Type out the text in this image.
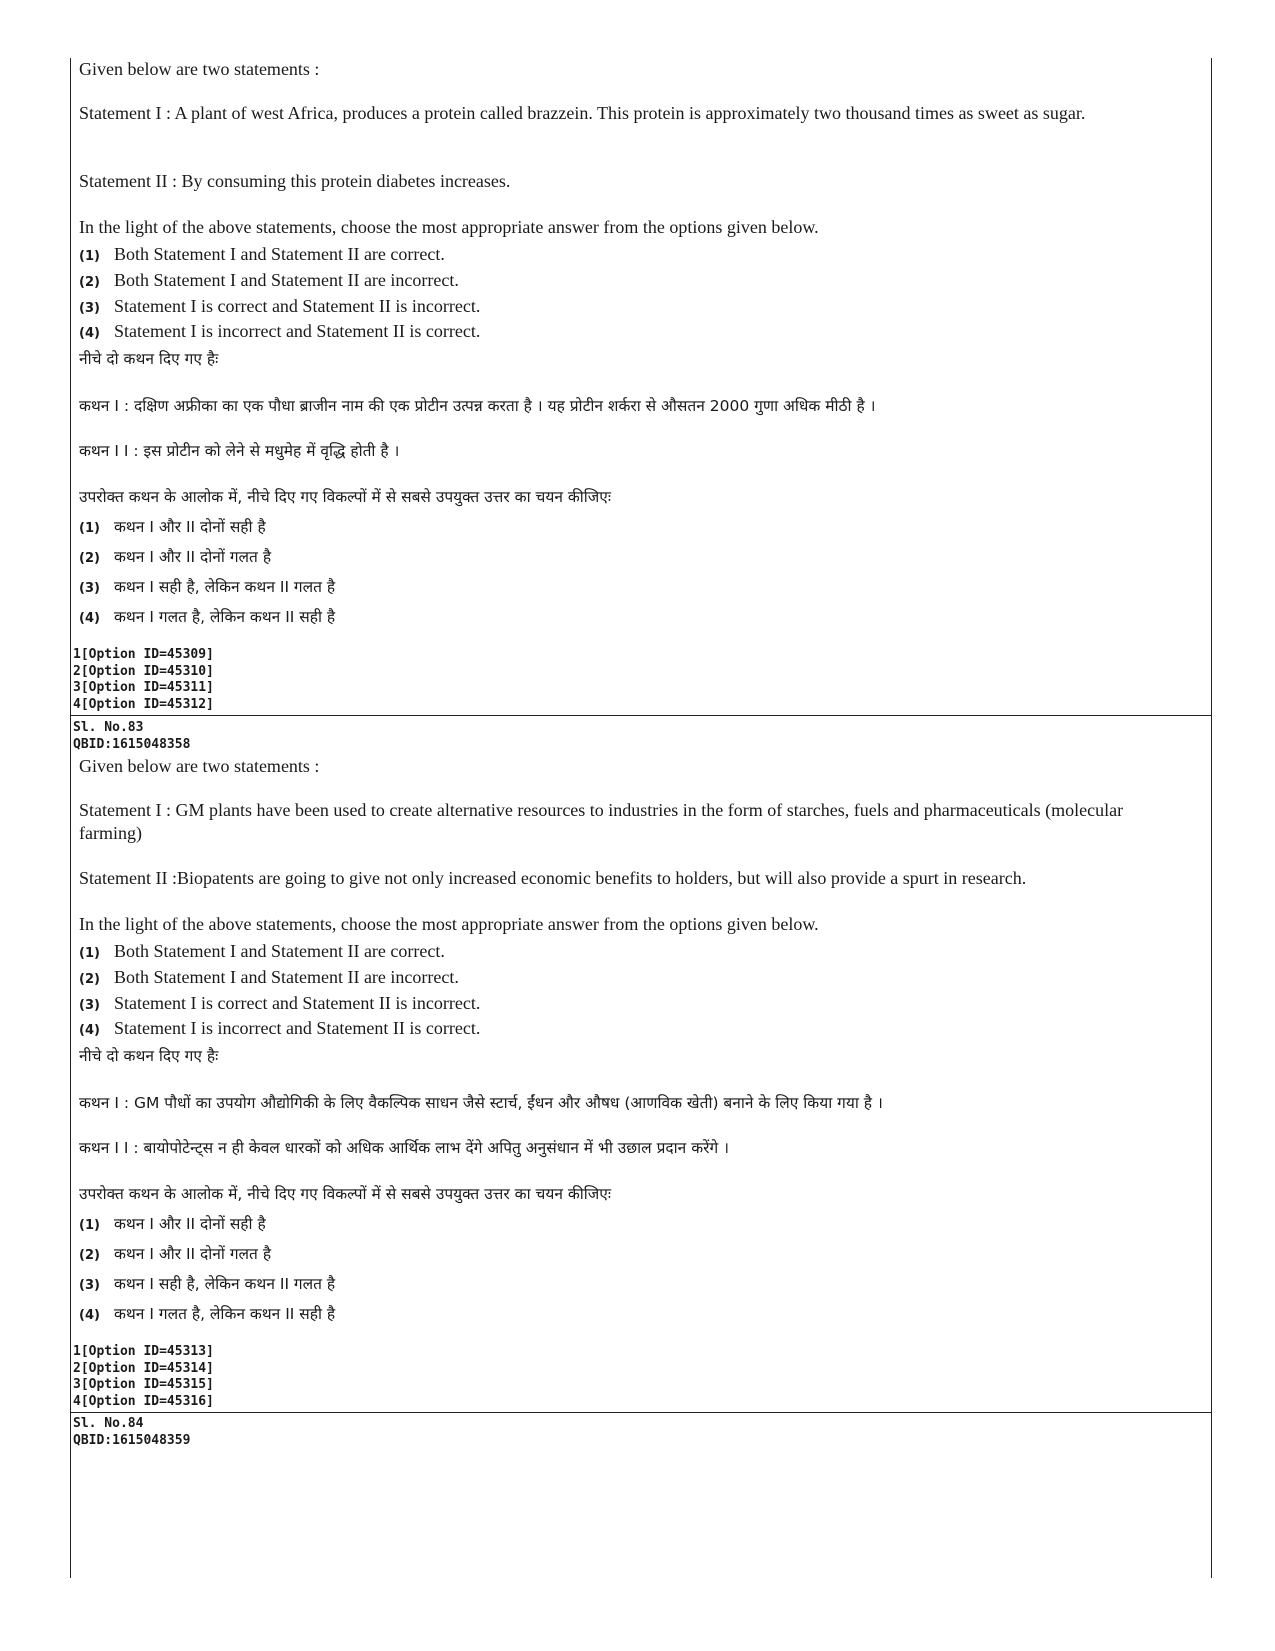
Given below are two statements :

Statement I : A plant of west Africa, produces a protein called brazzein. This protein is approximately two thousand times as sweet as sugar.

Statement II : By consuming this protein diabetes increases.

In the light of the above statements, choose the most appropriate answer from the options given below.

(1) Both Statement I and Statement II are correct.
(2) Both Statement I and Statement II are incorrect.
(3) Statement I is correct and Statement II is incorrect.
(4) Statement I is incorrect and Statement II is correct.

नीचे दो कथन दिए गए हैः

कथन I : दक्षिण अफ्रीका का एक पौधा ब्राजीन नाम की एक प्रोटीन उत्पन्न करता है । यह प्रोटीन शर्करा से औसतन 2000 गुणा अधिक मीठी है ।

कथन I I : इस प्रोटीन को लेने से मधुमेह में वृद्धि होती है ।

उपरोक्त कथन के आलोक में, नीचे दिए गए विकल्पों में से सबसे उपयुक्त उत्तर का चयन कीजिएः

(1) कथन I और II दोनों सही है
(2) कथन I और II दोनों गलत है
(3) कथन I सही है, लेकिन कथन II गलत है
(4) कथन I गलत है, लेकिन कथन II सही है
1[Option ID=45309]
2[Option ID=45310]
3[Option ID=45311]
4[Option ID=45312]
Sl. No.83
QBID:1615048358

Given below are two statements :

Statement I : GM plants have been used to create alternative resources to industries in the form of starches, fuels and pharmaceuticals (molecular farming)

Statement II :Biopatents are going to give not only increased economic benefits to holders, but will also provide a spurt in research.

In the light of the above statements, choose the most appropriate answer from the options given below.

(1) Both Statement I and Statement II are correct.
(2) Both Statement I and Statement II are incorrect.
(3) Statement I is correct and Statement II is incorrect.
(4) Statement I is incorrect and Statement II is correct.

नीचे दो कथन दिए गए हैः

कथन I : GM पौधों का उपयोग औद्योगिकी के लिए वैकल्पिक साधन जैसे स्टार्च, ईंधन और औषध (आणविक खेती) बनाने के लिए किया गया है ।

कथन I I : बायोपोटेन्ट्स न ही केवल धारकों को अधिक आर्थिक लाभ देंगे अपितु अनुसंधान में भी उछाल प्रदान करेंगे ।

उपरोक्त कथन के आलोक में, नीचे दिए गए विकल्पों में से सबसे उपयुक्त उत्तर का चयन कीजिएः

(1) कथन I और II दोनों सही है
(2) कथन I और II दोनों गलत है
(3) कथन I सही है, लेकिन कथन II गलत है
(4) कथन I गलत है, लेकिन कथन II सही है
1[Option ID=45313]
2[Option ID=45314]
3[Option ID=45315]
4[Option ID=45316]
Sl. No.84
QBID:1615048359
